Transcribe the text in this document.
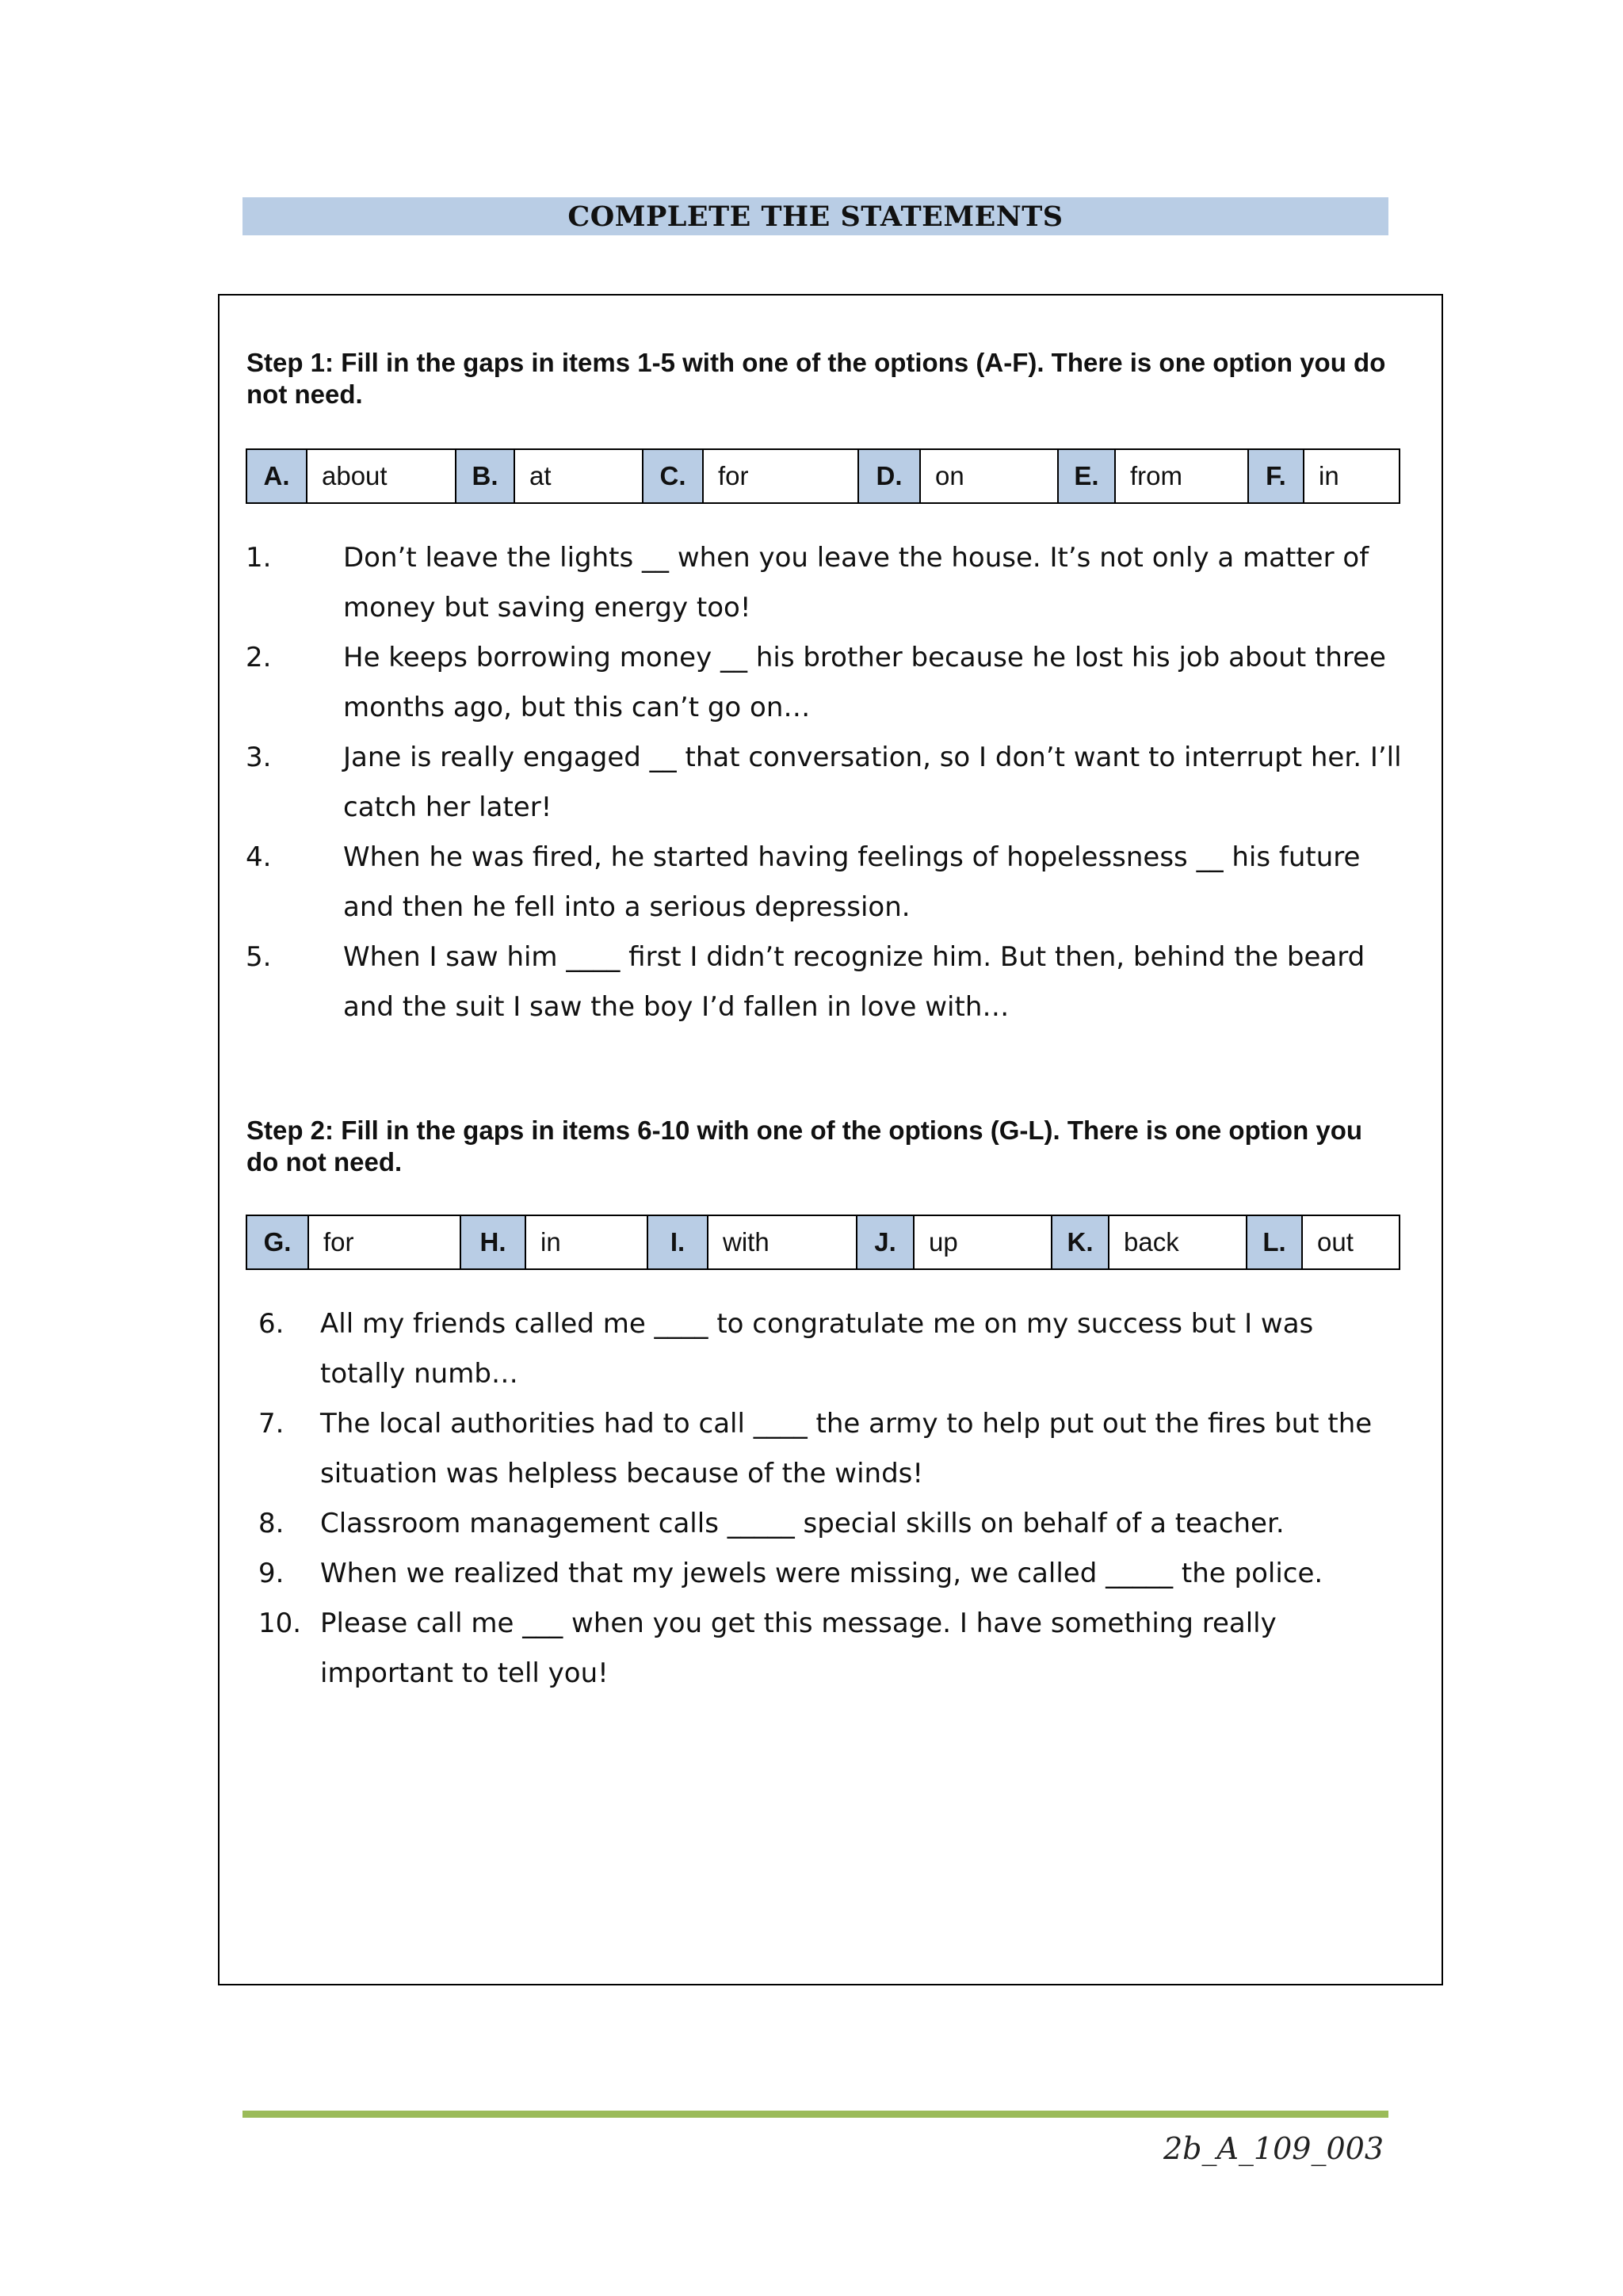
COMPLETE THE STATEMENTS
Step 1: Fill in the gaps in items 1-5 with one of the options (A-F). There is one option you do not need.
A.	about	B.	at	C.	for	D.	on	E.	from	F.	in
1.	Don’t leave the lights __ when you leave the house. It’s not only a matter of money but saving energy too!
2.	He keeps borrowing money __ his brother because he lost his job about three months ago, but this can’t go on…
3.	Jane is really engaged __ that conversation, so I don’t want to interrupt her. I’ll catch her later!
4.	When he was fired, he started having feelings of hopelessness __ his future and then he fell into a serious depression.
5.	When I saw him ____ first I didn’t recognize him. But then, behind the beard and the suit I saw the boy I’d fallen in love with…
Step 2: Fill in the gaps in items 6-10 with one of the options (G-L). There is one option you do not need.
G.	for	H.	in	I.	with	J.	up	K.	back	L.	out
6. All my friends called me ____ to congratulate me on my success but I was totally numb…
7. The local authorities had to call ____ the army to help put out the fires but the situation was helpless because of the winds!
8. Classroom management calls _____ special skills on behalf of a teacher.
9. When we realized that my jewels were missing, we called _____ the police.
10. Please call me ___ when you get this message. I have something really important to tell you!
2b_A_109_003
